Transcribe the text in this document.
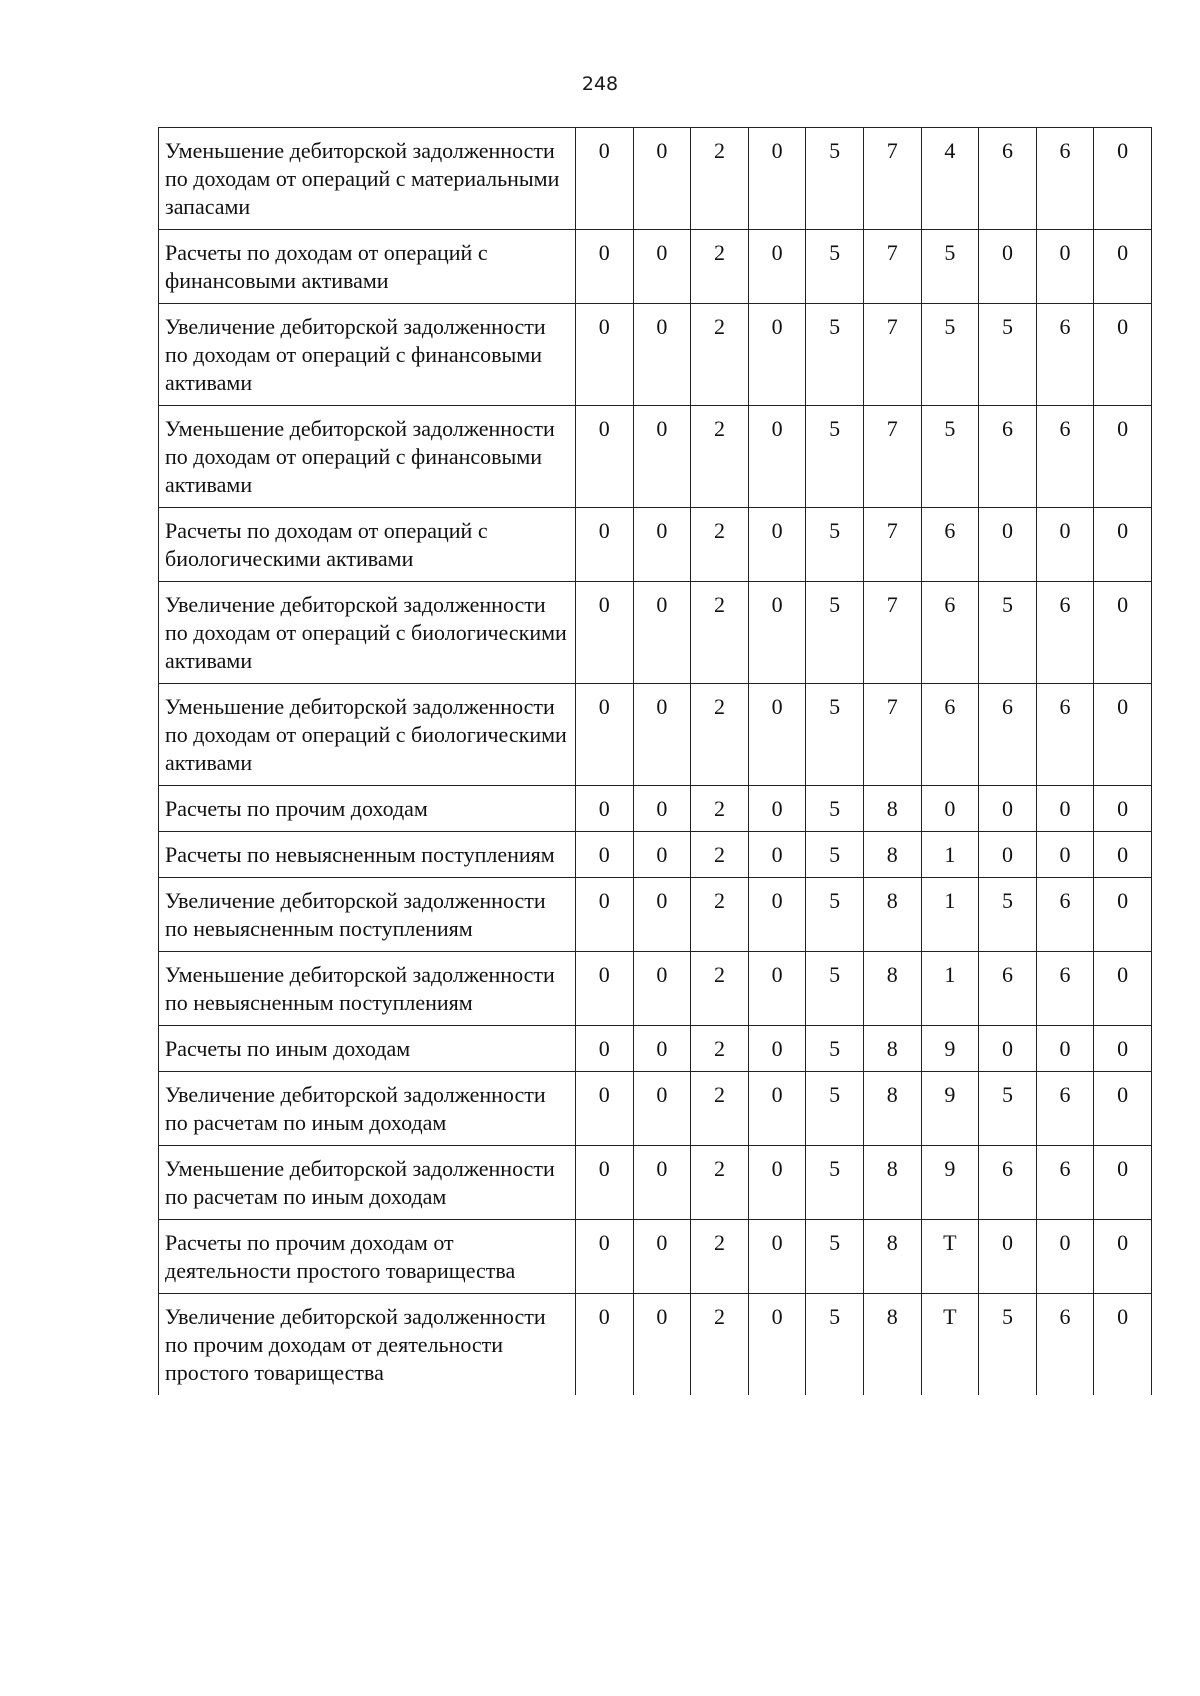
248
Уменьшение дебиторской задолженности по доходам от операций с материальными запасами	0	0	2	0	5	7	4	6	6	0
Расчеты по доходам от операций с финансовыми активами	0	0	2	0	5	7	5	0	0	0
Увеличение дебиторской задолженности по доходам от операций с финансовыми активами	0	0	2	0	5	7	5	5	6	0
Уменьшение дебиторской задолженности по доходам от операций с финансовыми активами	0	0	2	0	5	7	5	6	6	0
Расчеты по доходам от операций с биологическими активами	0	0	2	0	5	7	6	0	0	0
Увеличение дебиторской задолженности по доходам от операций с биологическими активами	0	0	2	0	5	7	6	5	6	0
Уменьшение дебиторской задолженности по доходам от операций с биологическими активами	0	0	2	0	5	7	6	6	6	0
Расчеты по прочим доходам	0	0	2	0	5	8	0	0	0	0
Расчеты по невыясненным поступлениям	0	0	2	0	5	8	1	0	0	0
Увеличение дебиторской задолженности по невыясненным поступлениям	0	0	2	0	5	8	1	5	6	0
Уменьшение дебиторской задолженности по невыясненным поступлениям	0	0	2	0	5	8	1	6	6	0
Расчеты по иным доходам	0	0	2	0	5	8	9	0	0	0
Увеличение дебиторской задолженности по расчетам по иным доходам	0	0	2	0	5	8	9	5	6	0
Уменьшение дебиторской задолженности по расчетам по иным доходам	0	0	2	0	5	8	9	6	6	0
Расчеты по прочим доходам от деятельности простого товарищества	0	0	2	0	5	8	Т	0	0	0
Увеличение дебиторской задолженности по прочим доходам от деятельности простого товарищества	0	0	2	0	5	8	Т	5	6	0
